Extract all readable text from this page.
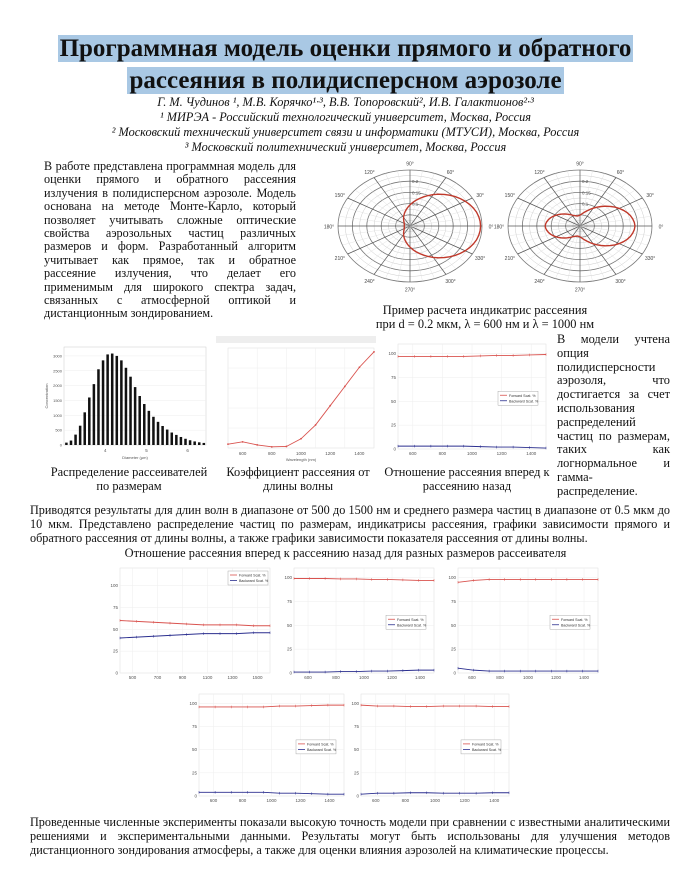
Программная модель оценки прямого и обратного
рассеяния в полидисперсном аэрозоле
Г. М. Чудинов ¹, М.В. Корячко¹·³, В.В. Топоровский², И.В. Галактионов²·³
¹ МИРЭА - Российский технологический университет, Москва, Россия
² Московский технический университет связи и информатики (МТУСИ), Москва, Россия
³ Московский политехнический университет, Москва, Россия
В работе представлена программная модель для оценки прямого и обратного рассеяния излучения в полидисперсном аэрозоле. Модель основана на методе Монте-Карло, который позволяет учитывать сложные оптические свойства аэрозольных частиц различных размеров и форм. Разработанный алгоритм учитывает как прямое, так и обратное рассеяние излучения, что делает его применимым для широкого спектра задач, связанных с атмосферной оптикой и дистанционным зондированием.
0°
30°
60°
90°
120°
150°
180°
210°
240°
270°
300°
330°
0.1
0.15
0.2
0°
30°
60°
90°
120°
150°
180°
210°
240°
270°
300°
330°
0.1
0.15
0.2
Пример расчета индикатрис рассеяния
при d = 0.2 мкм, λ = 600 нм и λ = 1000 нм
0
500
1000
1500
2000
2500
3000
4	5	6
Diameter (µm)
Concentration
600	800	1000	1200	1400
Wavelength (nm)
0
25
50
75
100
600	800	1000	1200	1400
Forward Scat. %
Backward Scat. %
Распределение рассеивателей по размерам
Коэффициент рассеяния от длины волны
Отношение рассеяния вперед к рассеянию назад
В модели учтена опция полидисперсности аэрозоля, что достигается за счет использования распределений частиц по размерам, таких как логнормальное и гамма-распределение.
Приводятся результаты для длин волн в диапазоне от 500 до 1500 нм и среднего размера частиц в диапазоне от 0.5 мкм до 10 мкм. Представлено распределение частиц по размерам, индикатрисы рассеяния, графики зависимости прямого и обратного рассеяния от длины волны, а также графики зависимости показателя рассеяния от длины волны.
Отношение рассеяния вперед к рассеянию назад для разных размеров рассеивателя
0
25
50
75
100
500	700	900	1100	1300	1500
Forward Scat. %
Backward Scat. %
0
25
50
75
100
600	800	1000	1200	1400
Forward Scat. %
Backward Scat. %
0
25
50
75
100
600	800	1000	1200	1400
Forward Scat. %
Backward Scat. %
0
25
50
75
100
600	800	1000	1200	1400
Forward Scat. %
Backward Scat. %
0
25
50
75
100
600	800	1000	1200	1400
Forward Scat. %
Backward Scat. %
Проведенные численные эксперименты показали высокую точность модели при сравнении с известными аналитическими решениями и экспериментальными данными. Результаты могут быть использованы для улучшения методов дистанционного зондирования атмосферы, а также для оценки влияния аэрозолей на климатические процессы.
